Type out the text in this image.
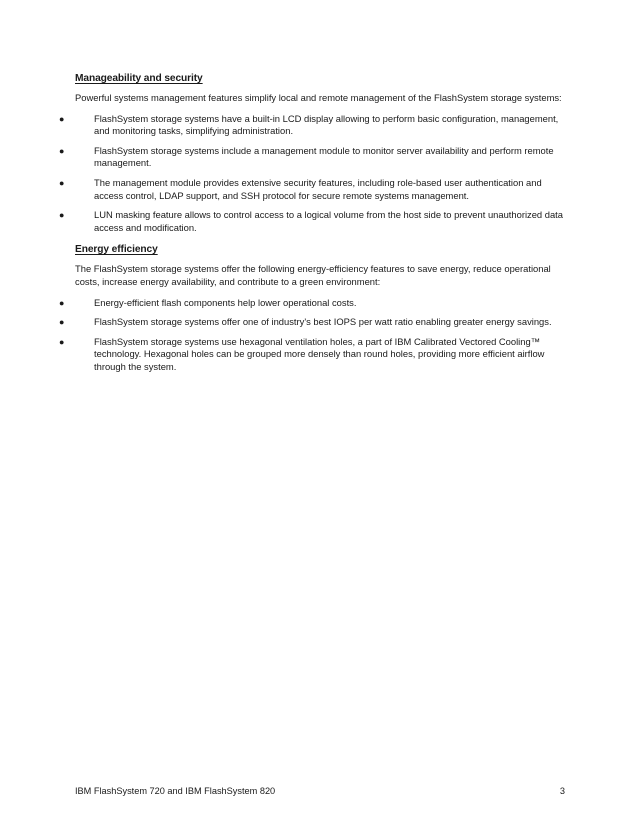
Manageability and security

Powerful systems management features simplify local and remote management of the FlashSystem storage systems:

●	FlashSystem storage systems have a built-in LCD display allowing to perform basic configuration, management, and monitoring tasks, simplifying administration.
●	FlashSystem storage systems include a management module to monitor server availability and perform remote management.
●	The management module provides extensive security features, including role-based user authentication and access control, LDAP support, and SSH protocol for secure remote systems management.
●	LUN masking feature allows to control access to a logical volume from the host side to prevent unauthorized data access and modification.
Energy efficiency

The FlashSystem storage systems offer the following energy-efficiency features to save energy, reduce operational costs, increase energy availability, and contribute to a green environment:

●	Energy-efficient flash components help lower operational costs.
●	FlashSystem storage systems offer one of industry's best IOPS per watt ratio enabling greater energy savings.
●	FlashSystem storage systems use hexagonal ventilation holes, a part of IBM Calibrated Vectored Cooling™ technology. Hexagonal holes can be grouped more densely than round holes, providing more efficient airflow through the system.
IBM FlashSystem 720 and IBM FlashSystem 820	3
